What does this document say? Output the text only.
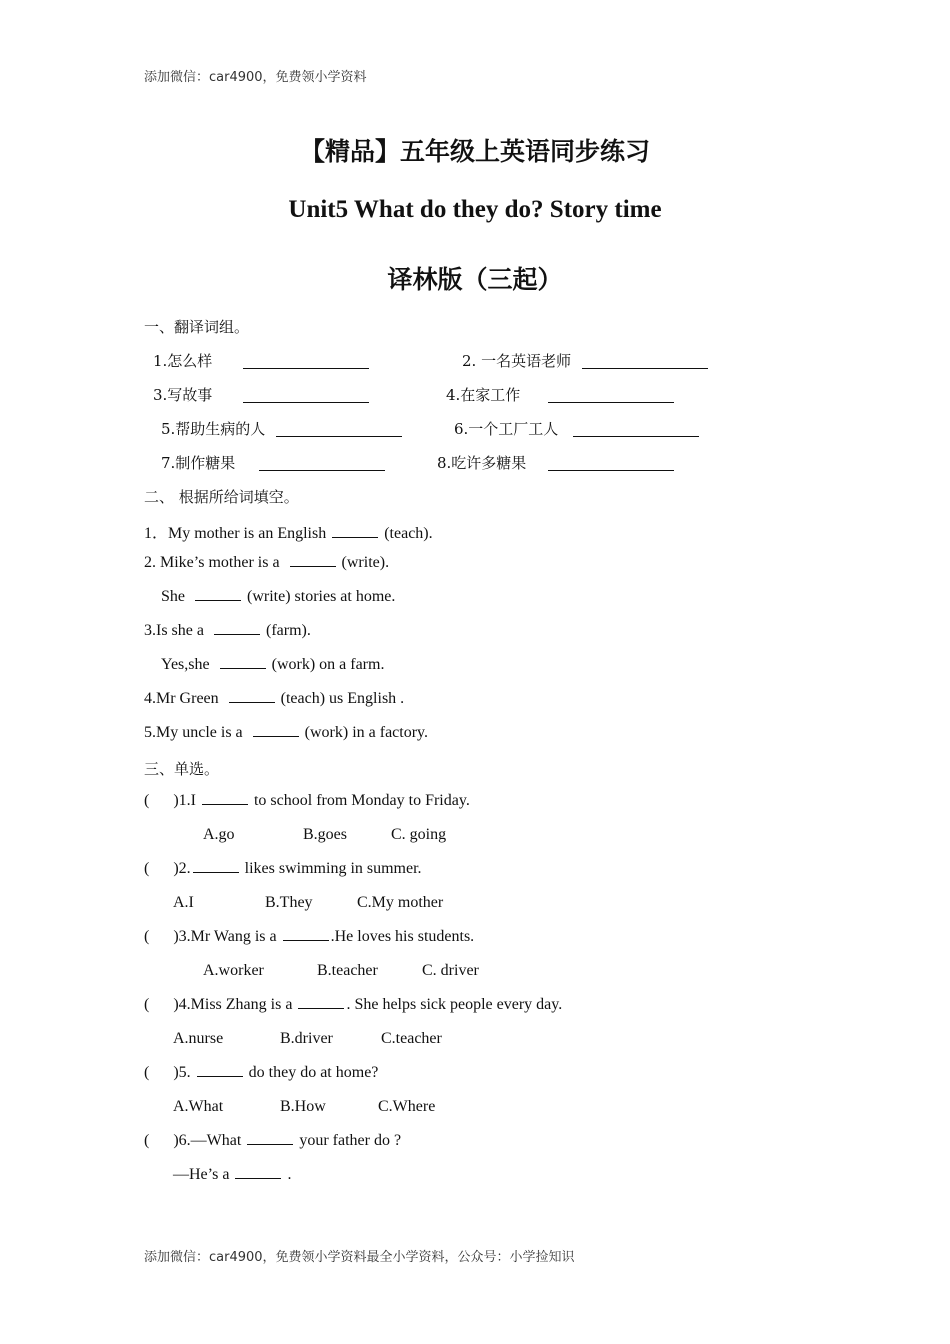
添加微信：car4900，免费领小学资料
【精品】五年级上英语同步练习
Unit5 What do they do? Story time
译林版（三起）
一、翻译词组。
1.怎么样	2. 一名英语老师
3.写故事	4.在家工作
5.帮助生病的人	6.一个工厂工人
7.制作糖果	8.吃许多糖果
二、 根据所给词填空。
1．My mother is an English	(teach).
2. Mike’s mother is a	(write).
She	(write) stories at home.
3.Is she a	(farm).
Yes,she	(work) on a farm.
4.Mr Green	(teach) us English .
5.My uncle is a	(work) in a factory.
三、单选。
(      )1.I	to school from Monday to Friday.
A.go	B.goes	C. going
(      )2.	likes swimming in summer.
A.I	B.They	C.My mother
(      )3.Mr Wang is a	.He loves his students.
A.worker	B.teacher	C. driver
(      )4.Miss Zhang is a	. She helps sick people every day.
A.nurse	B.driver	C.teacher
(      )5.	do they do at home?
A.What	B.How	C.Where
(      )6.—What	your father do ?
—He’s a	.
添加微信：car4900，免费领小学资料最全小学资料，公众号：小学捡知识
